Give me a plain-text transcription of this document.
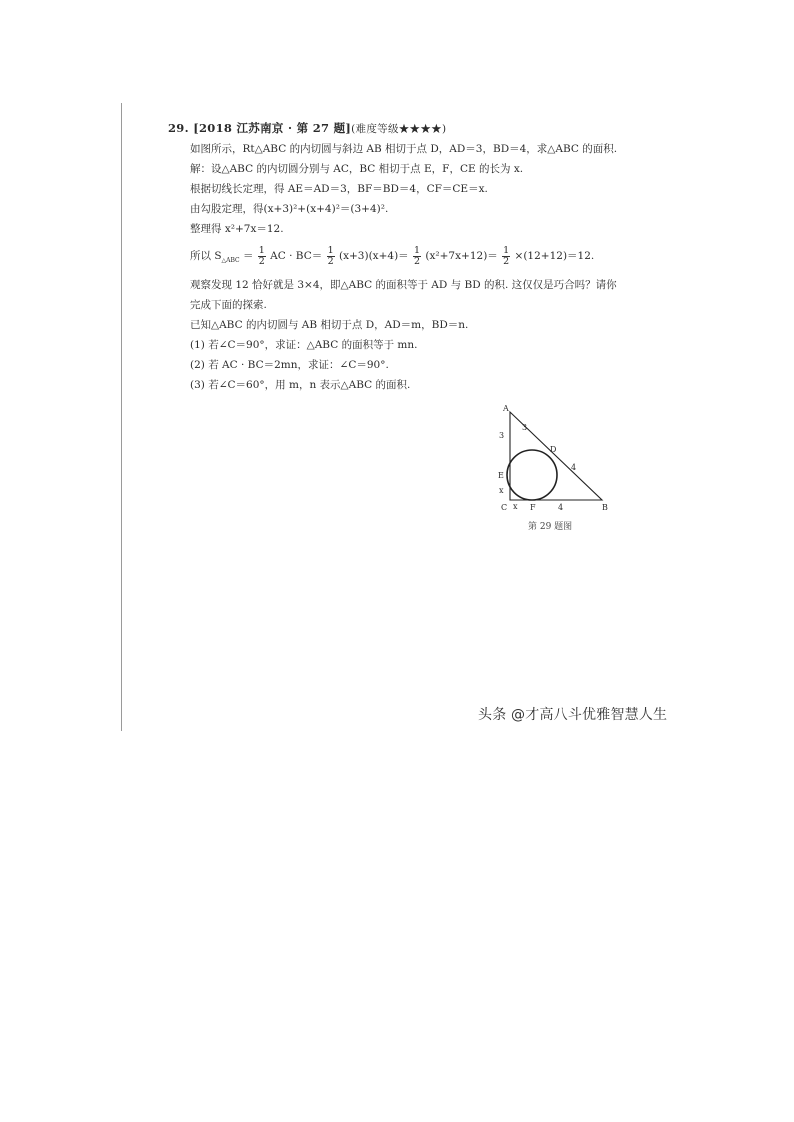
29. [2018 江苏南京 · 第 27 题](难度等级★★★★)
如图所示，Rt△ABC 的内切圆与斜边 AB 相切于点 D，AD＝3，BD＝4，求△ABC 的面积.
解：设△ABC 的内切圆分别与 AC，BC 相切于点 E，F，CE 的长为 x.
根据切线长定理，得 AE＝AD＝3，BF＝BD＝4，CF＝CE＝x.
由勾股定理，得(x+3)²+(x+4)²＝(3+4)².
整理得 x²+7x＝12.
所以 $S_{\triangle ABC} = \frac{1}{2}$ AC · $BC= \frac{1}{2} (x+3)(x+4)= \frac{1}{2} (x^2+7x+12)= \frac{1}{2} \times(12+12)=12$.
观察发现 12 恰好就是 3×4，即△ABC 的面积等于 AD 与 BD 的积. 这仅仅是巧合吗？请你
完成下面的探索.
已知△ABC 的内切圆与 AB 相切于点 D，AD＝m，BD＝n.
(1) 若∠C＝90°，求证：△ABC 的面积等于 mn.
(2) 若 AC · BC＝2mn，求证：∠C＝90°.
(3) 若∠C＝60°，用 m，n 表示△ABC 的面积.
A
B
C
D
E
F
3
3
4
4
x
x
第 29 题图
头条 @才高八斗优雅智慧人生
